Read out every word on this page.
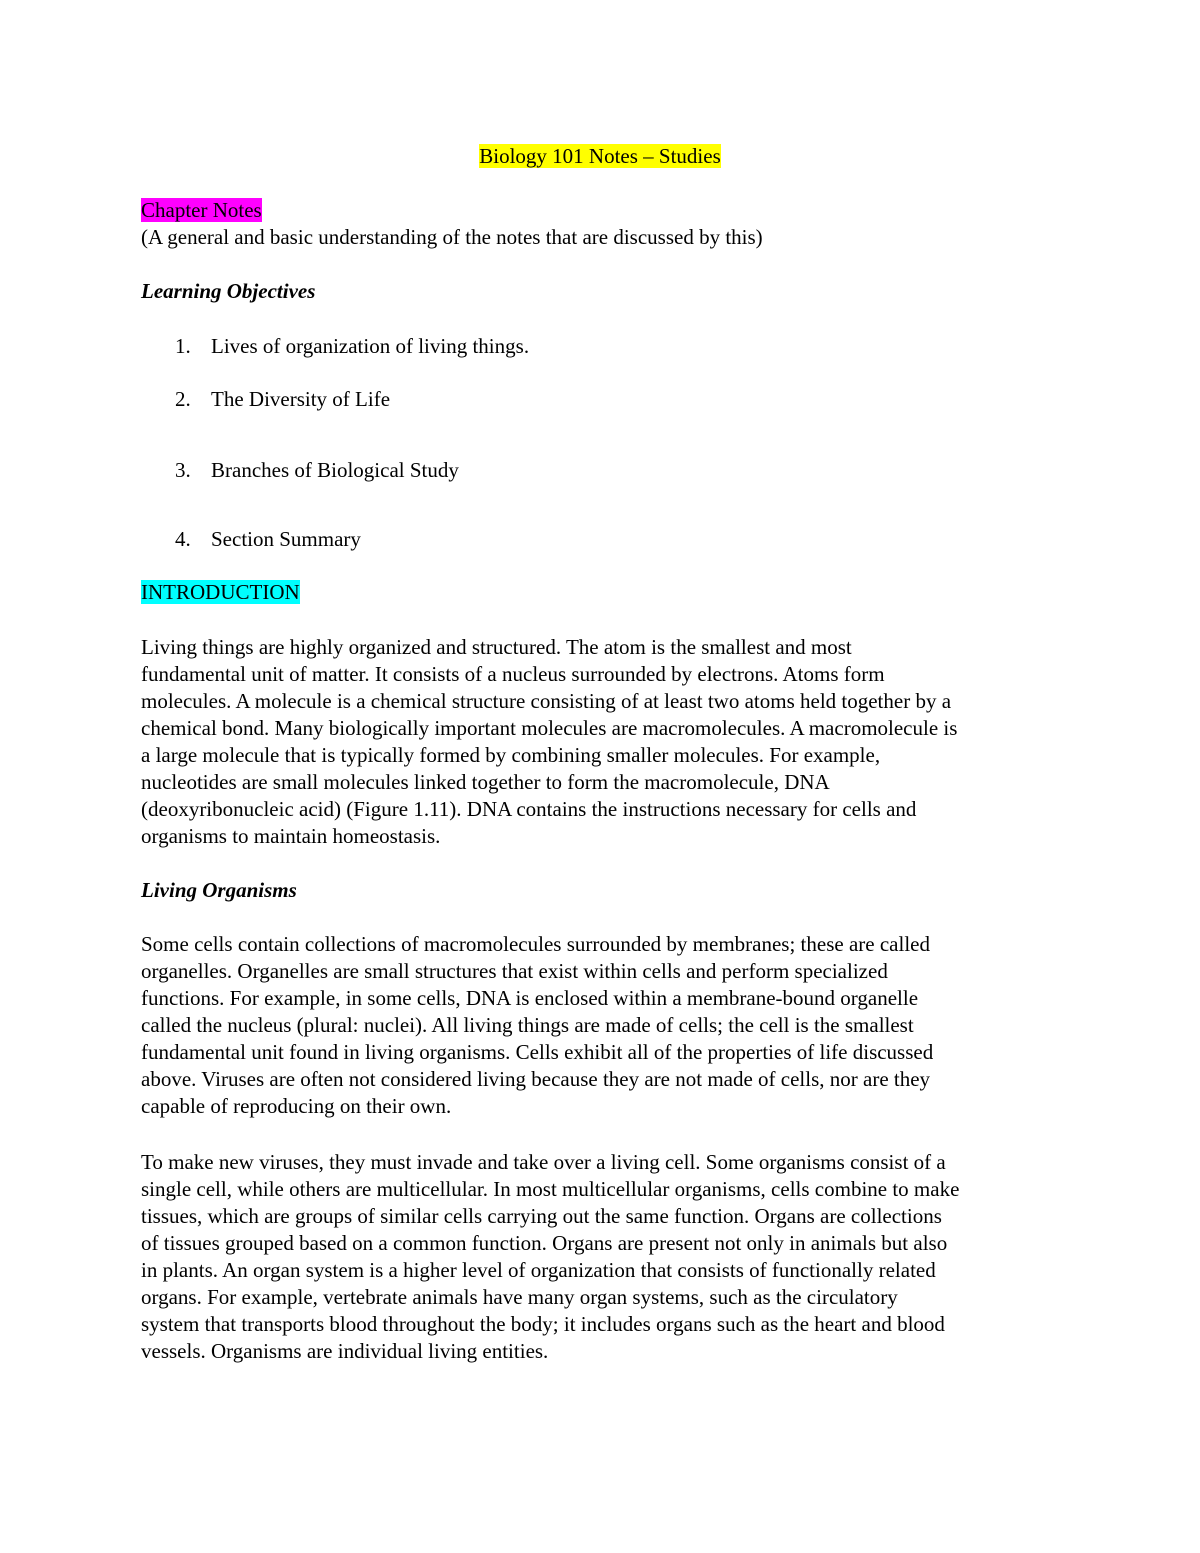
Biology 101 Notes – Studies
Chapter Notes
(A general and basic understanding of the notes that are discussed by this)
Learning Objectives
1. Lives of organization of living things.
2. The Diversity of Life
3. Branches of Biological Study
4. Section Summary
INTRODUCTION
Living things are highly organized and structured. The atom is the smallest and most
fundamental unit of matter. It consists of a nucleus surrounded by electrons. Atoms form
molecules. A molecule is a chemical structure consisting of at least two atoms held together by a
chemical bond. Many biologically important molecules are macromolecules. A macromolecule is
a large molecule that is typically formed by combining smaller molecules. For example,
nucleotides are small molecules linked together to form the macromolecule, DNA
(deoxyribonucleic acid) (Figure 1.11). DNA contains the instructions necessary for cells and
organisms to maintain homeostasis.
Living Organisms
Some cells contain collections of macromolecules surrounded by membranes; these are called
organelles. Organelles are small structures that exist within cells and perform specialized
functions. For example, in some cells, DNA is enclosed within a membrane-bound organelle
called the nucleus (plural: nuclei). All living things are made of cells; the cell is the smallest
fundamental unit found in living organisms. Cells exhibit all of the properties of life discussed
above. Viruses are often not considered living because they are not made of cells, nor are they
capable of reproducing on their own.
To make new viruses, they must invade and take over a living cell. Some organisms consist of a
single cell, while others are multicellular. In most multicellular organisms, cells combine to make
tissues, which are groups of similar cells carrying out the same function. Organs are collections
of tissues grouped based on a common function. Organs are present not only in animals but also
in plants. An organ system is a higher level of organization that consists of functionally related
organs. For example, vertebrate animals have many organ systems, such as the circulatory
system that transports blood throughout the body; it includes organs such as the heart and blood
vessels. Organisms are individual living entities.
